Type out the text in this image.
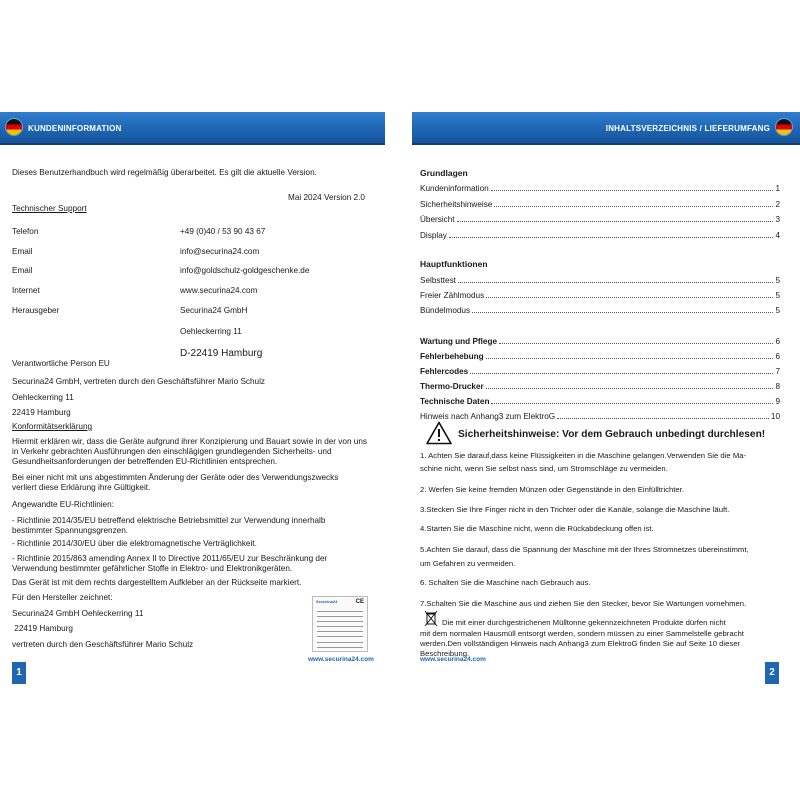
KUNDENINFORMATION
Dieses Benutzerhandbuch wird regelmäßig überarbeitet. Es gilt die aktuelle Version.
Mai 2024 Version 2.0
Technischer Support
Telefon	+49 (0)40 / 53 90 43 67
Email	info@securina24.com
Email	info@goldschulz-goldgeschenke.de
Internet	www.securina24.com
Herausgeber	Securina24 GmbH
Oehleckerring 11
D-22419 Hamburg
Verantwortliche Person EU
Securina24 GmbH, vertreten durch den Geschäftsführer Mario Schulz
Oehleckerring 11
22419 Hamburg
Konformitätserklärung
Hiermit erklären wir, dass die Geräte aufgrund ihrer Konzipierung und Bauart sowie in der von uns in Verkehr gebrachten Ausführungen den einschlägigen grundlegenden Sicherheits- und Gesundheitsanforderungen der betreffenden EU-Richtlinien entsprechen.
Bei einer nicht mit uns abgestimmten Änderung der Geräte oder des Verwendungszwecks verliert diese Erklärung ihre Gültigkeit.
Angewandte EU-Richtlinien:
- Richtlinie 2014/35/EU betreffend elektrische Betriebsmittel zur Verwendung innerhalb bestimmter Spannungsgrenzen.
- Richtlinie 2014/30/EU über die elektromagnetische Verträglichkeit.
- Richtlinie 2015/863 amending Annex II to Directive 2011/65/EU zur Beschränkung der Verwendung bestimmter gefährlicher Stoffe in Elektro- und Elektronikgeräten.
Das Gerät ist mit dem rechts dargestelltem Aufkleber an der Rückseite markiert.
Für den Hersteller zeichnet:
Securina24 GmbH Oehleckerring 11
22419 Hamburg
vertreten durch den Geschäftsführer Mario Schulz
Securina24	CE
www.securina24.com
1
INHALTSVERZEICHNIS / LIEFERUMFANG
Grundlagen
Kundeninformation	1
Sicherheitshinweise	2
Übersicht	3
Display	4
Hauptfunktionen
Selbsttest	5
Freier Zählmodus	5
Bündelmodus	5
Wartung und Pflege	6
Fehlerbehebung	6
Fehlercodes	7
Thermo-Drucker	8
Technische Daten	9
Hinweis nach Anhang3 zum ElektroG	10
Sicherheitshinweise: Vor dem Gebrauch unbedingt durchlesen!
1. Achten Sie darauf,dass keine Flüssigkeiten in die Maschine gelangen.Verwenden Sie die Ma-
schine nicht, wenn Sie selbst nass sind, um Stromschläge zu vermeiden.
2. Werfen Sie keine fremden Münzen oder Gegenstände in den Einfülltrichter.
3.Stecken Sie Ihre Finger nicht in den Trichter oder die Kanäle, solange die Maschine läuft.
4.Starten Sie die Maschine nicht, wenn die Rückabdeckung offen ist.
5.Achten Sie darauf, dass die Spannung der Maschine mit der Ihres Stromnetzes übereinstimmt,
um Gefahren zu vermeiden.
6. Schalten Sie die Maschine nach Gebrauch aus.
7.Schalten Sie die Maschine aus und ziehen Sie den Stecker, bevor Sie Wartungen vornehmen.
Die mit einer durchgestrichenen Mülltonne gekennzeichneten Produkte dürfen nicht
mit dem normalen Hausmüll entsorgt werden, sondern müssen zu einer Sammelstelle gebracht
werden.Den vollständigen Hinweis nach Anhang3 zum ElektroG finden Sie auf Seite 10 dieser
Beschreibung.
www.securina24.com
2
